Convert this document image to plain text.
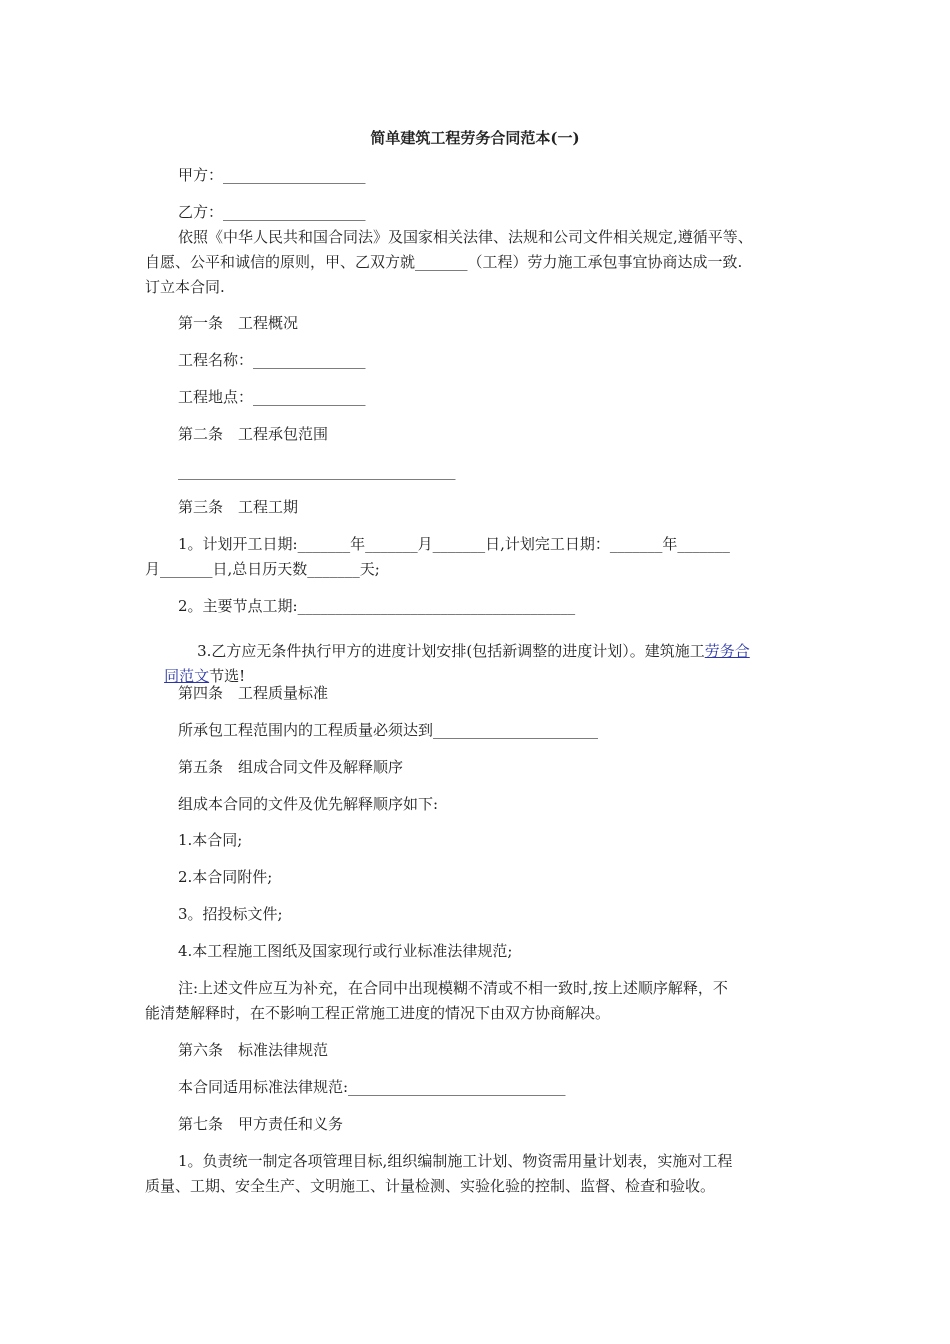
简单建筑工程劳务合同范本(一)
甲方：___________________
乙方：___________________
依照《中华人民共和国合同法》及国家相关法律、法规和公司文件相关规定,遵循平等、
自愿、公平和诚信的原则，甲、乙双方就_______（工程）劳力施工承包事宜协商达成一致.
订立本合同.
第一条　工程概况
工程名称：_______________
工程地点：_______________
第二条　工程承包范围
_____________________________________
第三条　工程工期
1。计划开工日期:_______年_______月_______日,计划完工日期：_______年_______
月_______日,总日历天数_______天;
2。主要节点工期:_____________________________________

3.乙方应无条件执行甲方的进度计划安排(包括新调整的进度计划）。建筑施工劳务合

同范文节选!

第四条　工程质量标准
所承包工程范围内的工程质量必须达到______________________
第五条　组成合同文件及解释顺序
组成本合同的文件及优先解释顺序如下:
1.本合同;
2.本合同附件;
3。招投标文件;
4.本工程施工图纸及国家现行或行业标准法律规范;
注:上述文件应互为补充，在合同中出现模糊不清或不相一致时,按上述顺序解释，不
能清楚解释时，在不影响工程正常施工进度的情况下由双方协商解决。
第六条　标准法律规范
本合同适用标准法律规范:_____________________________
第七条　甲方责任和义务
1。负责统一制定各项管理目标,组织编制施工计划、物资需用量计划表，实施对工程
质量、工期、安全生产、文明施工、计量检测、实验化验的控制、监督、检查和验收。
